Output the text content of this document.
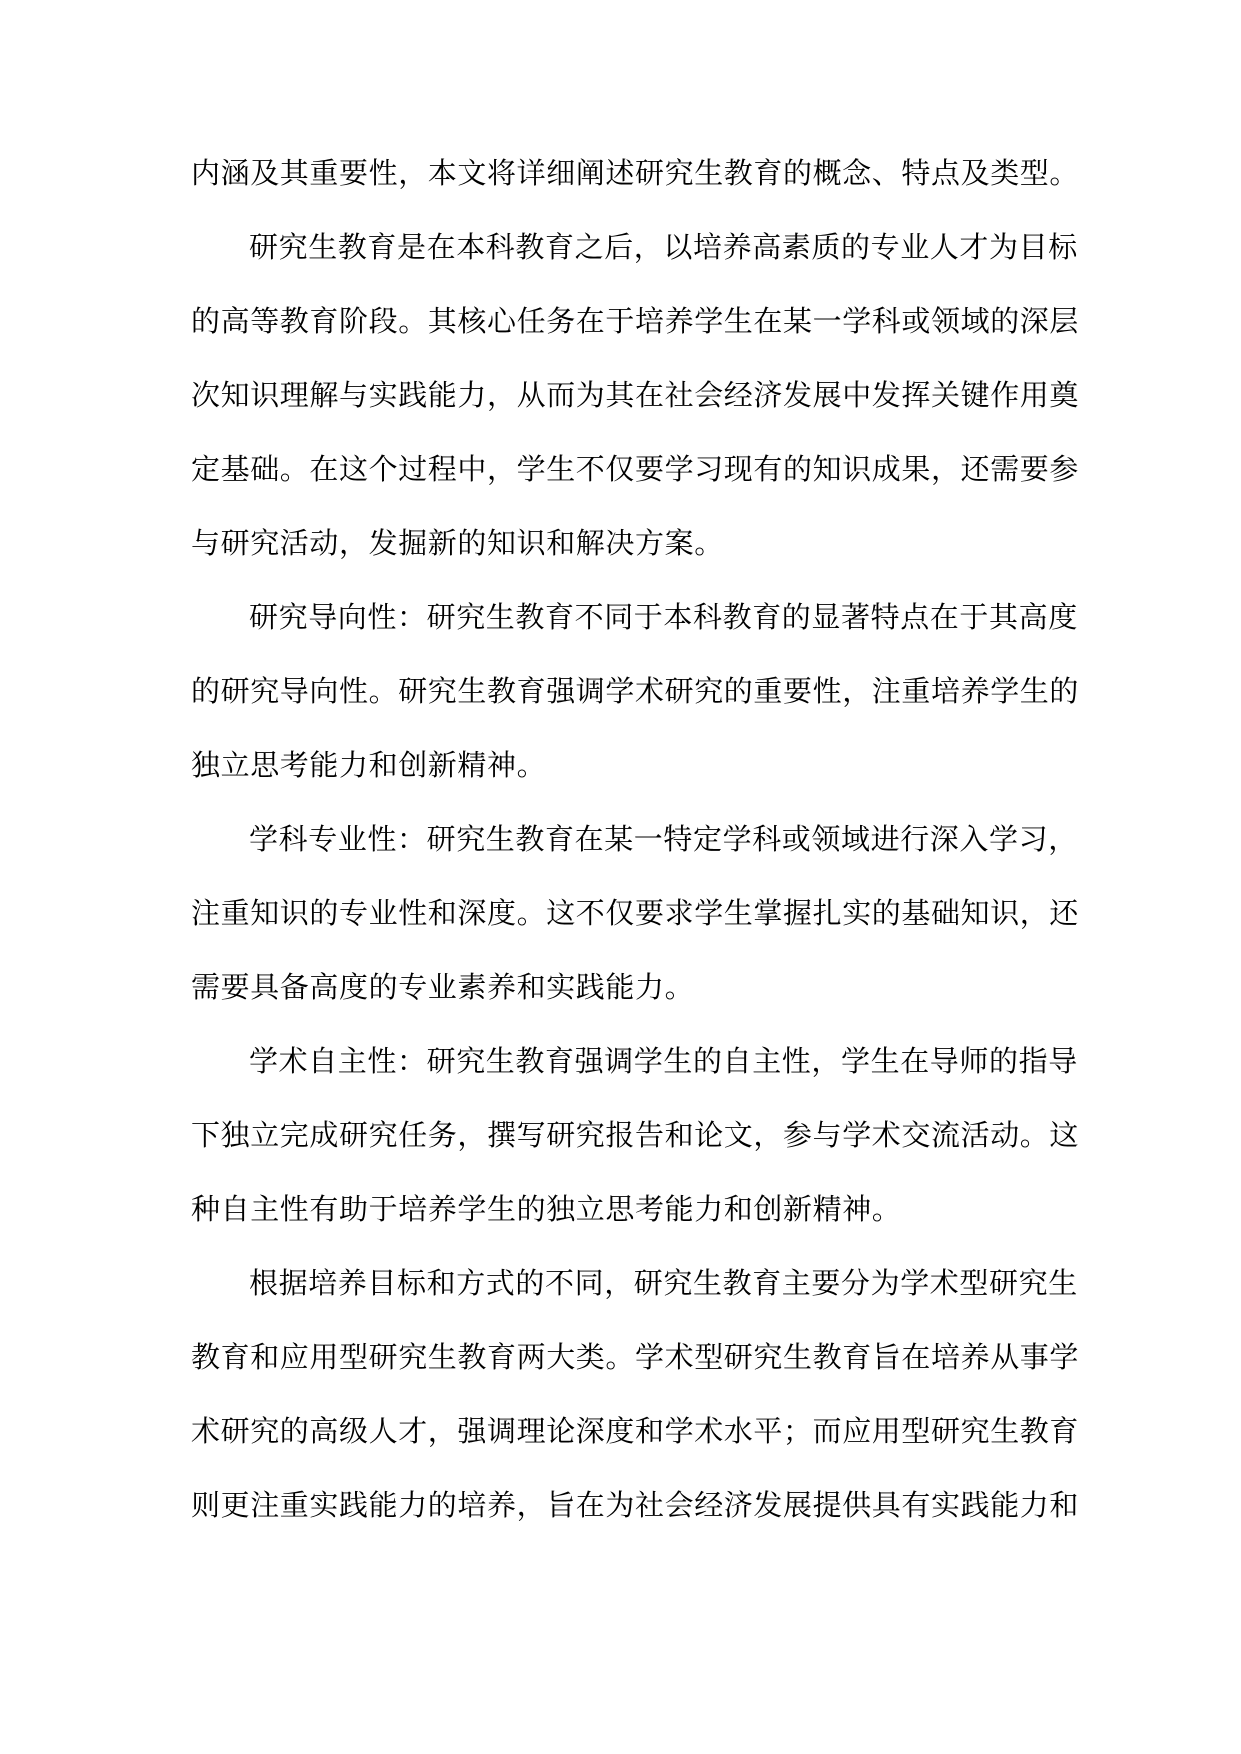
内涵及其重要性，本文将详细阐述研究生教育的概念、特点及类型。
研究生教育是在本科教育之后，以培养高素质的专业人才为目标
的高等教育阶段。其核心任务在于培养学生在某一学科或领域的深层
次知识理解与实践能力，从而为其在社会经济发展中发挥关键作用奠
定基础。在这个过程中，学生不仅要学习现有的知识成果，还需要参
与研究活动，发掘新的知识和解决方案。
研究导向性：研究生教育不同于本科教育的显著特点在于其高度
的研究导向性。研究生教育强调学术研究的重要性，注重培养学生的
独立思考能力和创新精神。
学科专业性：研究生教育在某一特定学科或领域进行深入学习，
注重知识的专业性和深度。这不仅要求学生掌握扎实的基础知识，还
需要具备高度的专业素养和实践能力。
学术自主性：研究生教育强调学生的自主性，学生在导师的指导
下独立完成研究任务，撰写研究报告和论文，参与学术交流活动。这
种自主性有助于培养学生的独立思考能力和创新精神。
根据培养目标和方式的不同，研究生教育主要分为学术型研究生
教育和应用型研究生教育两大类。学术型研究生教育旨在培养从事学
术研究的高级人才，强调理论深度和学术水平；而应用型研究生教育
则更注重实践能力的培养，旨在为社会经济发展提供具有实践能力和
